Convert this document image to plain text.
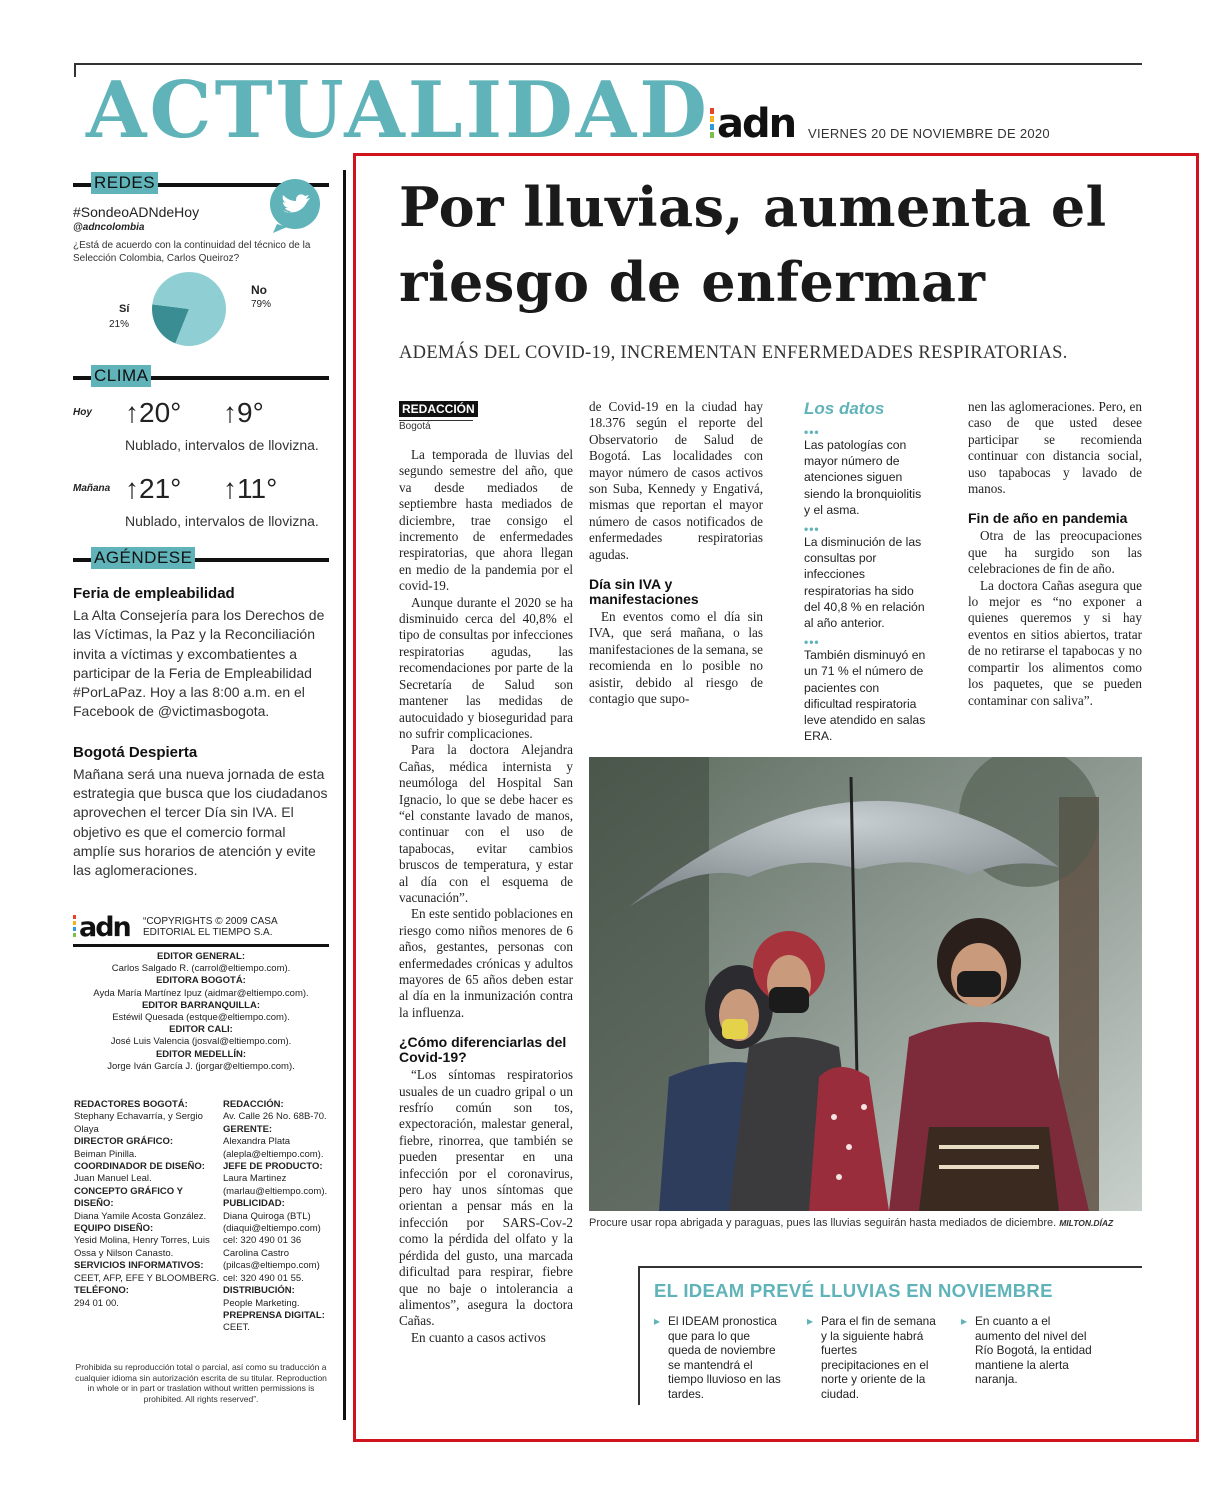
ACTUALIDAD adn VIERNES 20 DE NOVIEMBRE DE 2020
REDES
#SondeoADNdeHoy
@adncolombia
¿Está de acuerdo con la continuidad del técnico de la Selección Colombia, Carlos Queiroz?
Sí
21%
No
79%
CLIMA
Hoy ↑20° ↑9°
Nublado, intervalos de llovizna.
Mañana ↑21° ↑11°
Nublado, intervalos de llovizna.
AGÉNDESE
Feria de empleabilidad
La Alta Consejería para los Derechos de las Víctimas, la Paz y la Reconciliación invita a víctimas y excombatientes a participar de la Feria de Empleabilidad #PorLaPaz. Hoy a las 8:00 a.m. en el Facebook de @victimasbogota.
Bogotá Despierta
Mañana será una nueva jornada de esta estrategia que busca que los ciudadanos aprovechen el tercer Día sin IVA. El objetivo es que el comercio formal amplíe sus horarios de atención y evite las aglomeraciones.
adn “COPYRIGHTS © 2009 CASA EDITORIAL EL TIEMPO S.A.
EDITOR GENERAL:
Carlos Salgado R. (carrol@eltiempo.com).
EDITORA BOGOTÁ:
Ayda María Martínez Ipuz (aidmar@eltiempo.com).
EDITOR BARRANQUILLA:
Estéwil Quesada (estque@eltiempo.com).
EDITOR CALI:
José Luis Valencia (josval@eltiempo.com).
EDITOR MEDELLÍN:
Jorge Iván García J. (jorgar@eltiempo.com).
REDACTORES BOGOTÁ:
Stephany Echavarría, y Sergio Olaya
DIRECTOR GRÁFICO:
Beiman Pinilla.
COORDINADOR DE DISEÑO:
Juan Manuel Leal.
CONCEPTO GRÁFICO Y DISEÑO:
Diana Yamile Acosta González.
EQUIPO DISEÑO:
Yesid Molina, Henry Torres, Luis Ossa y Nilson Canasto.
SERVICIOS INFORMATIVOS:
CEET, AFP, EFE Y BLOOMBERG.
TELÉFONO:
294 01 00.
REDACCIÓN:
Av. Calle 26 No. 68B-70.
GERENTE:
Alexandra Plata (alepla@eltiempo.com).
JEFE DE PRODUCTO:
Laura Martinez (marlau@eltiempo.com).
PUBLICIDAD:
Diana Quiroga (BTL) (diaqui@eltiempo.com) cel: 320 490 01 36 Carolina Castro (pilcas@eltiempo.com) cel: 320 490 01 55.
DISTRIBUCIÓN:
People Marketing.
PREPRENSA DIGITAL:
CEET.
Prohibida su reproducción total o parcial, así como su traducción a cualquier idioma sin autorización escrita de su titular. Reproduction in whole or in part or traslation without written permissions is prohibited. All rights reserved”.
Por lluvias, aumenta el riesgo de enfermar
ADEMÁS DEL COVID-19, INCREMENTAN ENFERMEDADES RESPIRATORIAS.
REDACCIÓN
Bogotá

La temporada de lluvias del segundo semestre del año, que va desde mediados de septiembre hasta mediados de diciembre, trae consigo el incremento de enfermedades respiratorias, que ahora llegan en medio de la pandemia por el covid-19.

Aunque durante el 2020 se ha disminuido cerca del 40,8% el tipo de consultas por infecciones respiratorias agudas, las recomendaciones por parte de la Secretaría de Salud son mantener las medidas de autocuidado y bioseguridad para no sufrir complicaciones.

Para la doctora Alejandra Cañas, médica internista y neumóloga del Hospital San Ignacio, lo que se debe hacer es “el constante lavado de manos, continuar con el uso de tapabocas, evitar cambios bruscos de temperatura, y estar al día con el esquema de vacunación”.

En este sentido poblaciones en riesgo como niños menores de 6 años, gestantes, personas con enfermedades crónicas y adultos mayores de 65 años deben estar al día en la inmunización contra la influenza.

¿Cómo diferenciarlas del Covid-19?

“Los síntomas respiratorios usuales de un cuadro gripal o un resfrío común son tos, expectoración, malestar general, fiebre, rinorrea, que también se pueden presentar en una infección por el coronavirus, pero hay unos síntomas que orientan a pensar más en la infección por SARS-Cov-2 como la pérdida del olfato y la pérdida del gusto, una marcada dificultad para respirar, fiebre que no baje o intolerancia a alimentos”, asegura la doctora Cañas.

En cuanto a casos activos

de Covid-19 en la ciudad hay 18.376 según el reporte del Observatorio de Salud de Bogotá. Las localidades con mayor número de casos activos son Suba, Kennedy y Engativá, mismas que reportan el mayor número de casos notificados de enfermedades respiratorias agudas.

Día sin IVA y manifestaciones

En eventos como el día sin IVA, que será mañana, o las manifestaciones de la semana, se recomienda en lo posible no asistir, debido al riesgo de contagio que supo-

Los datos
•••
Las patologías con mayor número de atenciones siguen siendo la bronquiolitis y el asma.
•••
La disminución de las consultas por infecciones respiratorias ha sido del 40,8 % en relación al año anterior.
•••
También disminuyó en un 71 % el número de pacientes con dificultad respiratoria leve atendido en salas ERA.

nen las aglomeraciones. Pero, en caso de que usted desee participar se recomienda continuar con distancia social, uso tapabocas y lavado de manos.

Fin de año en pandemia

Otra de las preocupaciones que ha surgido son las celebraciones de fin de año.

La doctora Cañas asegura que lo mejor es “no exponer a quienes queremos y si hay eventos en sitios abiertos, tratar de no retirarse el tapabocas y no compartir los alimentos como los paquetes, que se pueden contaminar con saliva”.

Procure usar ropa abrigada y paraguas, pues las lluvias seguirán hasta mediados de diciembre. MILTON.DÍAZ
EL IDEAM PREVÉ LLUVIAS EN NOVIEMBRE
▸ El IDEAM pronostica que para lo que queda de noviembre se mantendrá el tiempo lluvioso en las tardes.
▸ Para el fin de semana y la siguiente habrá fuertes precipitaciones en el norte y oriente de la ciudad.
▸ En cuanto a el aumento del nivel del Río Bogotá, la entidad mantiene la alerta naranja.
